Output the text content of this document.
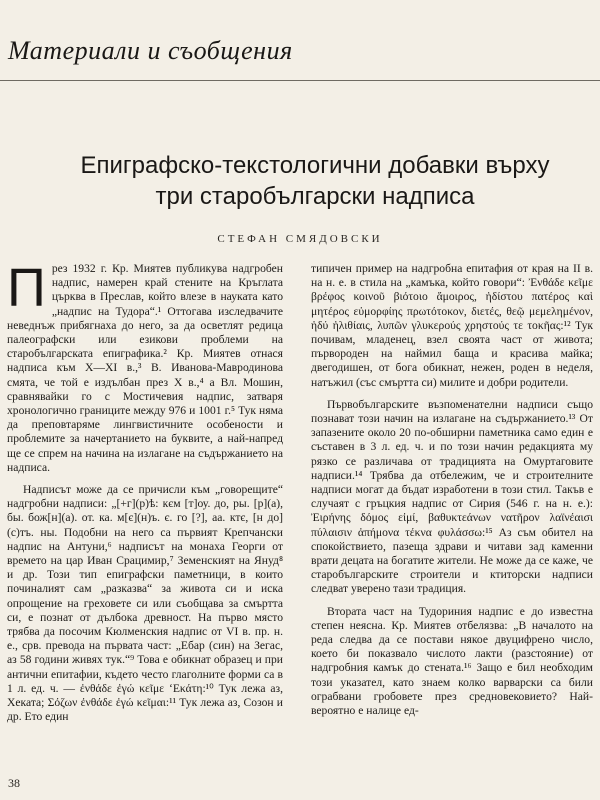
Материали и съобщения
Епиграфско-текстологични добавки върху три старобългарски надписа
СТЕФАН СМЯДОВСКИ

През 1932 г. Кр. Миятев публикува надгробен надпис, намерен край стените на Кръглата църква в Преслав, който влезе в науката като „надпис на Тудора“.¹ Оттогава изследвачите неведнъж прибягнаха до него, за да осветлят редица палеографски или езикови проблеми на старобългарската епиграфика.² Кр. Миятев отнася надписа към X—XI в.,³ В. Иванова-Мавродинова смята, че той е издълбан през X в.,⁴ а Вл. Мошин, сравнявайки го с Мостичевия надпис, затваря хронологично границите между 976 и 1001 г.⁵ Тук няма да преповтаряме лингвистичните особености и проблемите за начертанието на буквите, а най-напред ще се спрем на начина на излагане на съдържанието на надписа.

Надписът може да се причисли към „говорещите“ надгробни надписи: „[+г](р)ѣ: кєм [т]оу. до, ры. [р](а), бы. бож[н](а). от. ка. м[є](н)ъ. є. го [?], аа. ктє, [н до](с)тъ. ны. Подобни на него са първият Крепчански надпис на Антуни,⁶ надписът на монаха Георги от времето на цар Иван Срацимир,⁷ Земенският на Януд⁸ и др. Този тип епиграфски паметници, в които починалият сам „разказва“ за живота си и иска опрощение на греховете си или съобщава за смъртта си, е познат от дълбока древност. На първо място трябва да посочим Кюлменския надпис от VI в. пр. н. е., срв. превода на първата част: „Ебар (син) на Зегас, аз 58 години живях тук.“⁹ Това е обикнат образец и при антични епитафии, където често глаголните форми са в 1 л. ед. ч. — ἐνθάδε ἐγώ κεῖμε ‘Εκάτη:¹⁰ Тук лежа аз, Хеката; Σόζων ἐνθάδε ἐγώ κεῖμαι:¹¹ Тук лежа аз, Созон и др. Ето един

типичен пример на надгробна епитафия от края на II в. на н. е. в стила на „камъка, който говори“: Ἐνθάδε κεῖμε βρέφος κοινοῦ βιότοιο ἄμοιρος, ἡδίστου πατέρος καὶ μητέρος εὐμορφίης πρωτότοκον, διετές, θεῷ μεμελημένον, ἡδύ ἡλιθίαις, λυπῶν γλυκερούς χρηστούς τε τοκῆας:¹² Тук почивам, младенец, взел своята част от живота; първороден на наймил баща и красива майка; двегодишен, от бога обикнат, нежен, роден в неделя, натъжил (със смъртта си) милите и добри родители.

Първобългарските възпоменателни надписи също познават този начин на излагане на съдържанието.¹³ От запазените около 20 по-обширни паметника само един е съставен в 3 л. ед. ч. и по този начин редакцията му рязко се различава от традицията на Омуртаговите надписи.¹⁴ Трябва да отбележим, че и строителните надписи могат да бъдат изработени в този стил. Такъв е случаят с гръцкия надпис от Сирия (546 г. на н. е.): Ἐιρήνης δόμος εἰμί, βαθυκτεάνων νατῆρον λαϊνέαισι πύλαισιν ἀπήμονα τέκνα φυλάσσω:¹⁵ Аз съм обител на спокойствието, пазеща здрави и читави зад каменни врати децата на богатите жители. Не може да се каже, че старобългарските строители и ктиторски надписи следват уверено тази традиция.

Втората част на Тудориния надпис е до известна степен неясна. Кр. Миятев отбелязва: „В началото на реда следва да се постави някое двуцифрено число, което би показвало числото лакти (разстояние) от надгробния камък до стената.¹⁶ Защо е бил необходим този указател, като знаем колко варварски са били ограбвани гробовете през средновековието? Най-вероятно е налице ед-

38
